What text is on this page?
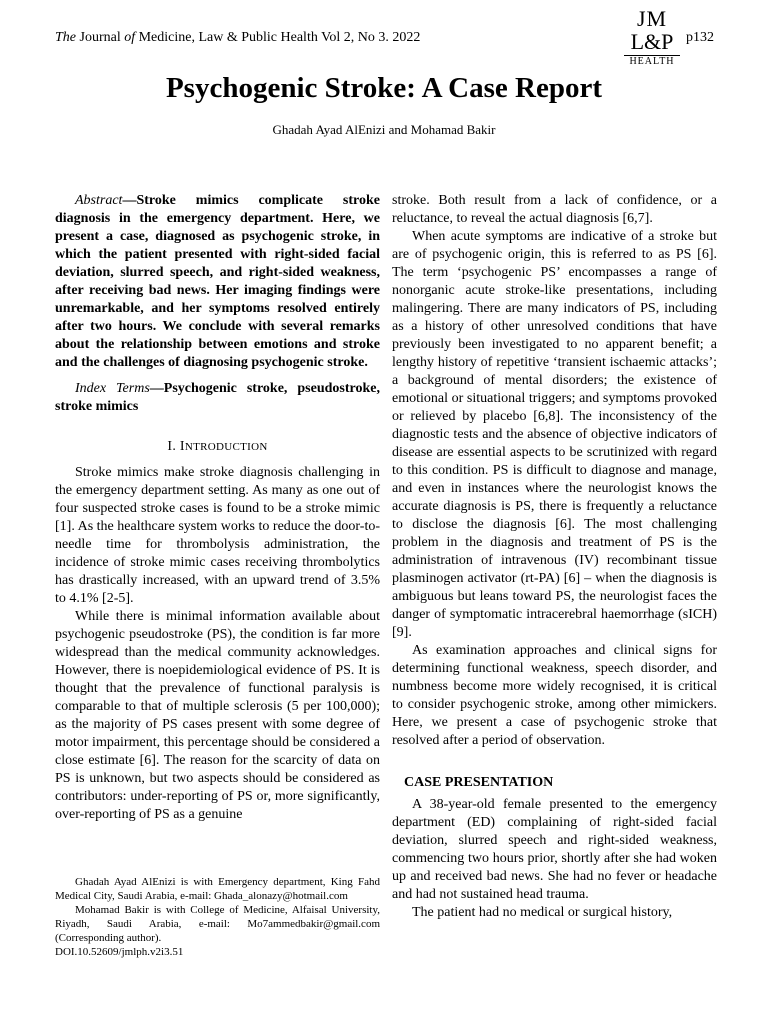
The Journal of Medicine, Law & Public Health Vol 2, No 3. 2022
JM
L&P
HEALTH
p132
Psychogenic Stroke: A Case Report
Ghadah Ayad AlEnizi and Mohamad Bakir

Abstract—Stroke mimics complicate stroke diagnosis in the emergency department. Here, we present a case, diagnosed as psychogenic stroke, in which the patient presented with right-sided facial deviation, slurred speech, and right-sided weakness, after receiving bad news. Her imaging findings were unremarkable, and her symptoms resolved entirely after two hours. We conclude with several remarks about the relationship between emotions and stroke and the challenges of diagnosing psychogenic stroke.

Index Terms—Psychogenic stroke, pseudostroke, stroke mimics

I. INTRODUCTION

Stroke mimics make stroke diagnosis challenging in the emergency department setting. As many as one out of four suspected stroke cases is found to be a stroke mimic [1]. As the healthcare system works to reduce the door-to-needle time for thrombolysis administration, the incidence of stroke mimic cases receiving thrombolytics has drastically increased, with an upward trend of 3.5% to 4.1% [2-5].

While there is minimal information available about psychogenic pseudostroke (PS), the condition is far more widespread than the medical community acknowledges. However, there is noepidemiological evidence of PS. It is thought that the prevalence of functional paralysis is comparable to that of multiple sclerosis (5 per 100,000); as the majority of PS cases present with some degree of motor impairment, this percentage should be considered a close estimate [6]. The reason for the scarcity of data on PS is unknown, but two aspects should be considered as contributors: under-reporting of PS or, more significantly, over-reporting of PS as a genuine

stroke. Both result from a lack of confidence, or a reluctance, to reveal the actual diagnosis [6,7].

When acute symptoms are indicative of a stroke but are of psychogenic origin, this is referred to as PS [6]. The term ‘psychogenic PS’ encompasses a range of nonorganic acute stroke-like presentations, including malingering. There are many indicators of PS, including as a history of other unresolved conditions that have previously been investigated to no apparent benefit; a lengthy history of repetitive ‘transient ischaemic attacks’; a background of mental disorders; the existence of emotional or situational triggers; and symptoms provoked or relieved by placebo [6,8]. The inconsistency of the diagnostic tests and the absence of objective indicators of disease are essential aspects to be scrutinized with regard to this condition. PS is difficult to diagnose and manage, and even in instances where the neurologist knows the accurate diagnosis is PS, there is frequently a reluctance to disclose the diagnosis [6]. The most challenging problem in the diagnosis and treatment of PS is the administration of intravenous (IV) recombinant tissue plasminogen activator (rt-PA) [6] – when the diagnosis is ambiguous but leans toward PS, the neurologist faces the danger of symptomatic intracerebral haemorrhage (sICH) [9].

As examination approaches and clinical signs for determining functional weakness, speech disorder, and numbness become more widely recognised, it is critical to consider psychogenic stroke, among other mimickers. Here, we present a case of psychogenic stroke that resolved after a period of observation.

CASE PRESENTATION

A 38-year-old female presented to the emergency department (ED) complaining of right-sided facial deviation, slurred speech and right-sided weakness, commencing two hours prior, shortly after she had woken up and received bad news. She had no fever or headache and had not sustained head trauma.

The patient had no medical or surgical history,

Ghadah Ayad AlEnizi is with Emergency department, King Fahd Medical City, Saudi Arabia, e-mail: Ghada_alonazy@hotmail.com

Mohamad Bakir is with College of Medicine, Alfaisal University, Riyadh, Saudi Arabia, e-mail: Mo7ammedbakir@gmail.com (Corresponding author).

DOI.10.52609/jmlph.v2i3.51
